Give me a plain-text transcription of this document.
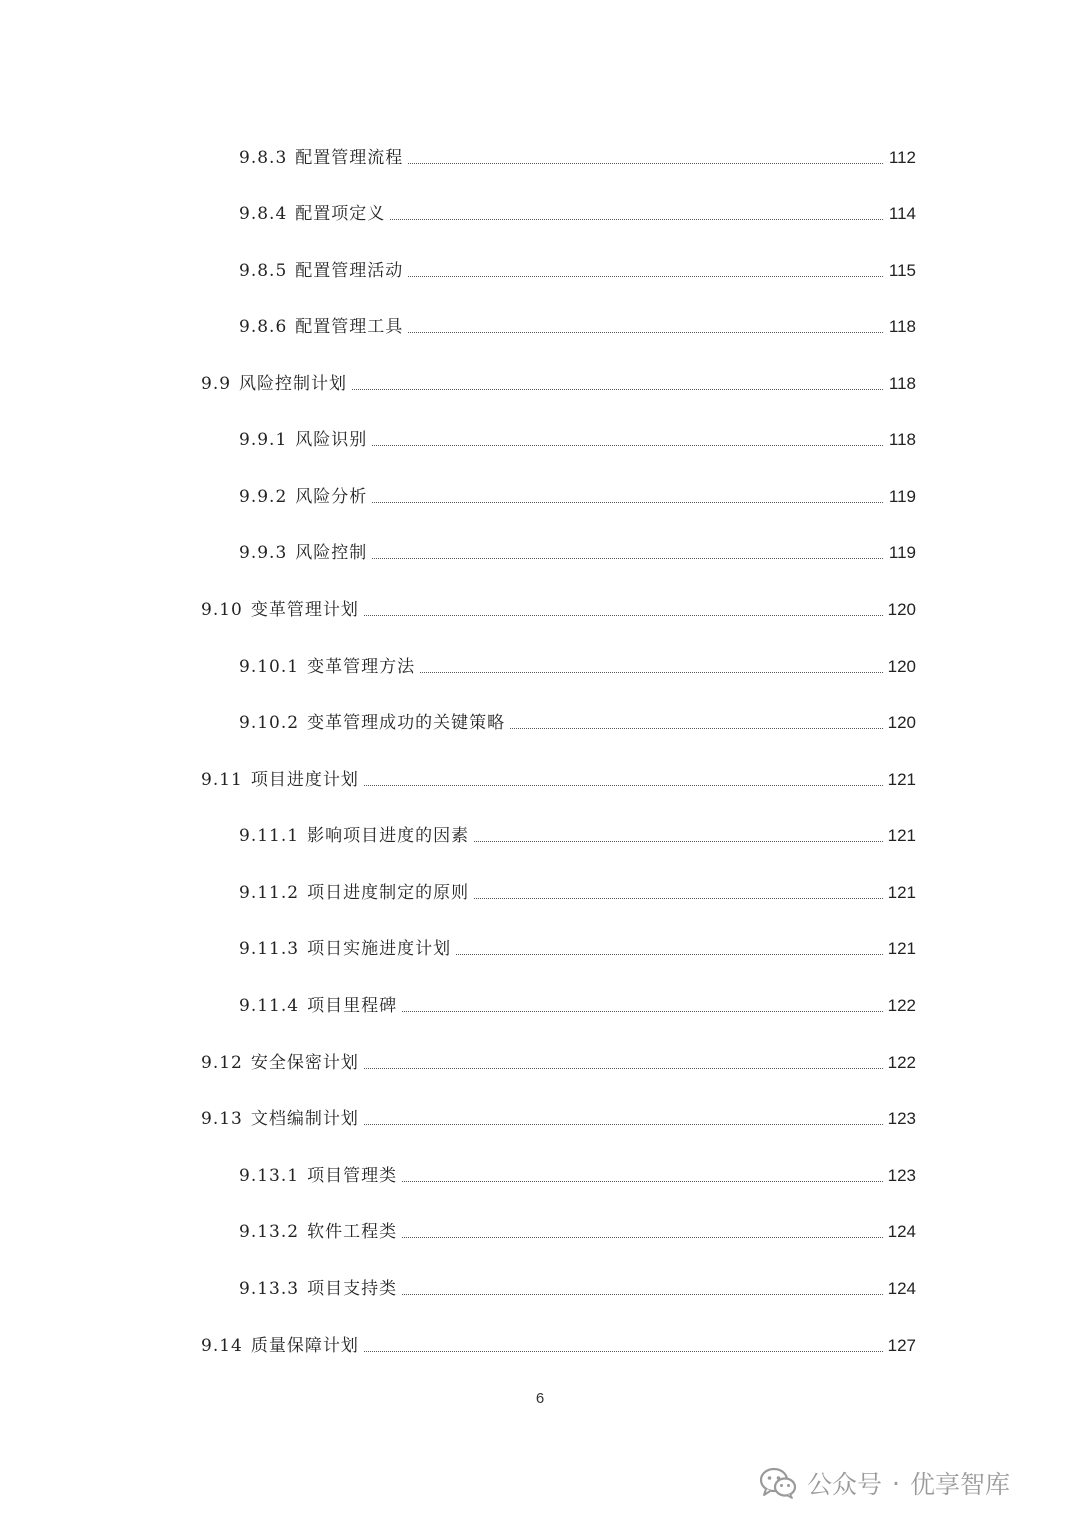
9.8.3 配置管理流程	112
9.8.4 配置项定义	114
9.8.5 配置管理活动	115
9.8.6 配置管理工具	118
9.9 风险控制计划	118
9.9.1 风险识别	118
9.9.2 风险分析	119
9.9.3 风险控制	119
9.10 变革管理计划	120
9.10.1 变革管理方法	120
9.10.2 变革管理成功的关键策略	120
9.11 项目进度计划	121
9.11.1 影响项目进度的因素	121
9.11.2 项日进度制定的原则	121
9.11.3 项日实施进度计划	121
9.11.4 项目里程碑	122
9.12 安全保密计划	122
9.13 文档编制计划	123
9.13.1 项目管理类	123
9.13.2 软件工程类	124
9.13.3 项目支持类	124
9.14 质量保障计划	127
6
公众号 · 优享智库
